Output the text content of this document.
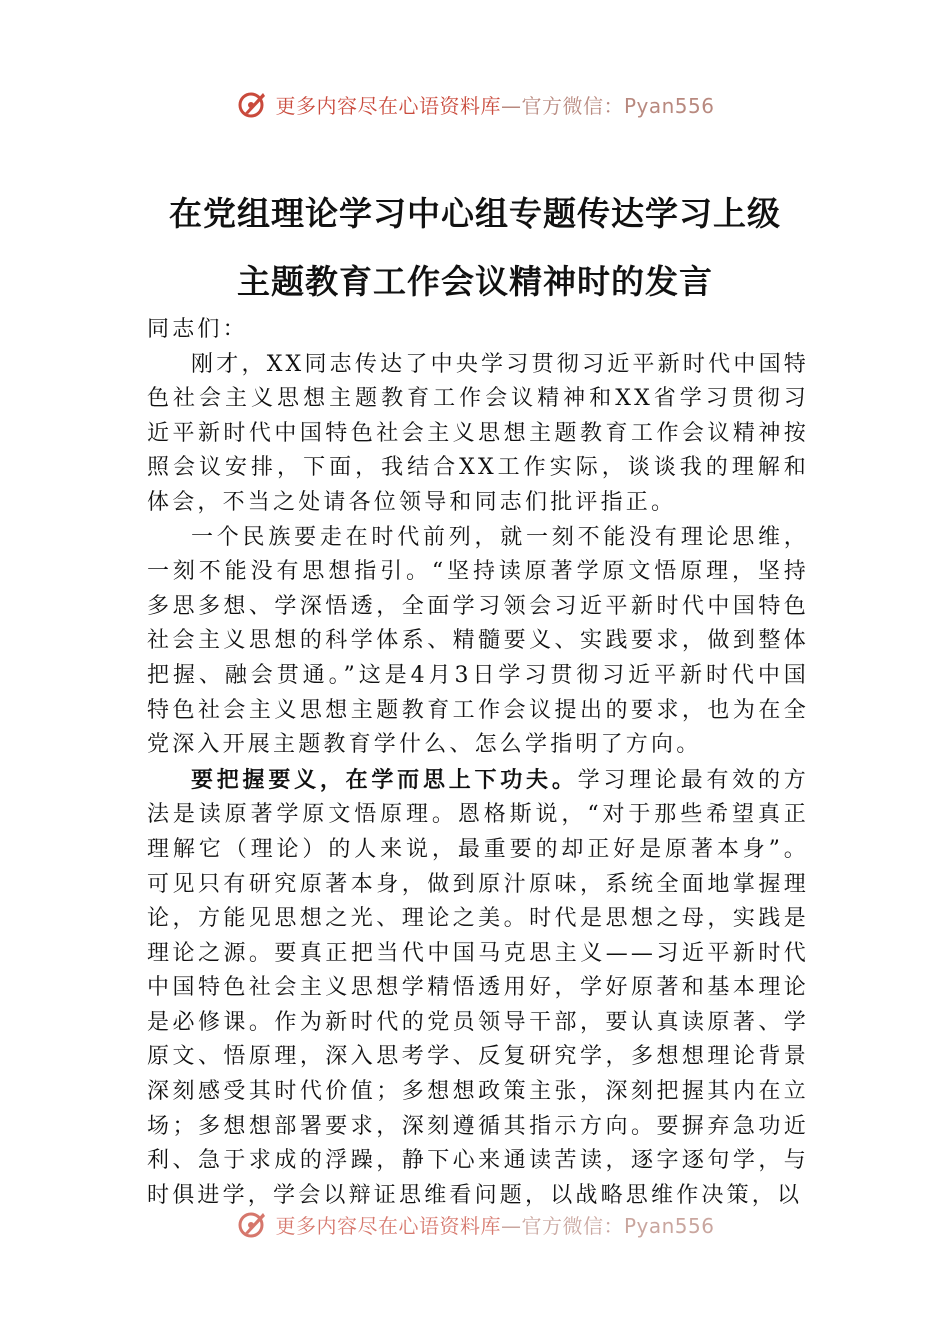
更多内容尽在心语资料库 —官方微信：Pyan556
在党组理论学习中心组专题传达学习上级
主题教育工作会议精神时的发言

同志们：

刚才，XX同志传达了中央学习贯彻习近平新时代中国特色社会主义思想主题教育工作会议精神和XX省学习贯彻习近平新时代中国特色社会主义思想主题教育工作会议精神按照会议安排，下面，我结合XX工作实际，谈谈我的理解和体会，不当之处请各位领导和同志们批评指正。

一个民族要走在时代前列，就一刻不能没有理论思维，一刻不能没有思想指引。“坚持读原著学原文悟原理，坚持多思多想、学深悟透，全面学习领会习近平新时代中国特色社会主义思想的科学体系、精髓要义、实践要求，做到整体把握、融会贯通。”这是4月3日学习贯彻习近平新时代中国特色社会主义思想主题教育工作会议提出的要求，也为在全党深入开展主题教育学什么、怎么学指明了方向。

要把握要义，在学而思上下功夫。学习理论最有效的方法是读原著学原文悟原理。恩格斯说，“对于那些希望真正理解它（理论）的人来说，最重要的却正好是原著本身”。可见只有研究原著本身，做到原汁原味，系统全面地掌握理论，方能见思想之光、理论之美。时代是思想之母，实践是理论之源。要真正把当代中国马克思主义——习近平新时代中国特色社会主义思想学精悟透用好，学好原著和基本理论是必修课。作为新时代的党员领导干部，要认真读原著、学原文、悟原理，深入思考学、反复研究学，多想想理论背景深刻感受其时代价值；多想想政策主张，深刻把握其内在立场；多想想部署要求，深刻遵循其指示方向。要摒弃急功近利、急于求成的浮躁，静下心来通读苦读，逐字逐句学，与时俱进学，学会以辩证思维看问题，以战略思维作决策，以

更多内容尽在心语资料库 —官方微信：Pyan556
